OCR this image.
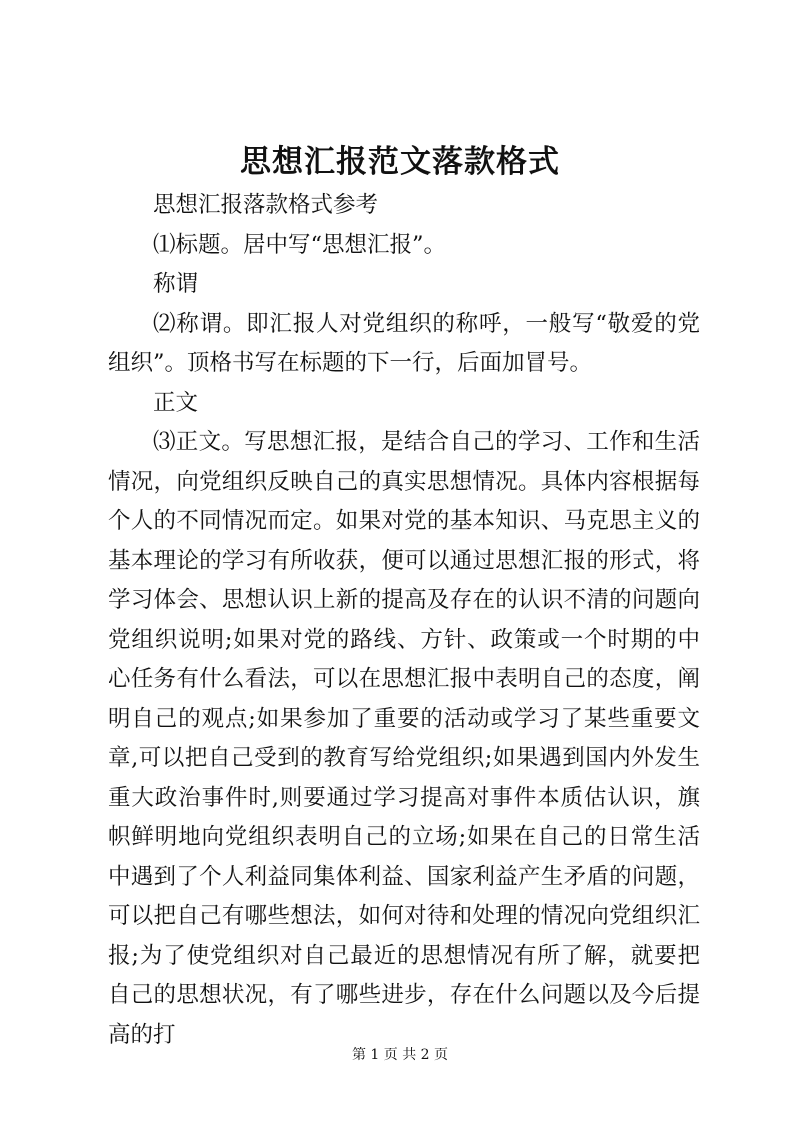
思想汇报范文落款格式

思想汇报落款格式参考

⑴标题。居中写“思想汇报”。

称谓

⑵称谓。即汇报人对党组织的称呼，一般写“敬爱的党组织”。顶格书写在标题的下一行，后面加冒号。

正文

⑶正文。写思想汇报，是结合自己的学习、工作和生活情况，向党组织反映自己的真实思想情况。具体内容根据每个人的不同情况而定。如果对党的基本知识、马克思主义的基本理论的学习有所收获，便可以通过思想汇报的形式，将学习体会、思想认识上新的提高及存在的认识不清的问题向党组织说明;如果对党的路线、方针、政策或一个时期的中心任务有什么看法，可以在思想汇报中表明自己的态度，阐明自己的观点;如果参加了重要的活动或学习了某些重要文章,可以把自己受到的教育写给党组织;如果遇到国内外发生重大政治事件时,则要通过学习提高对事件本质估认识，旗帜鲜明地向党组织表明自己的立场;如果在自己的日常生活中遇到了个人利益同集体利益、国家利益产生矛盾的问题，可以把自己有哪些想法，如何对待和处理的情况向党组织汇报;为了使党组织对自己最近的思想情况有所了解，就要把自己的思想状况，有了哪些进步，存在什么问题以及今后提高的打

第 1 页 共 2 页
